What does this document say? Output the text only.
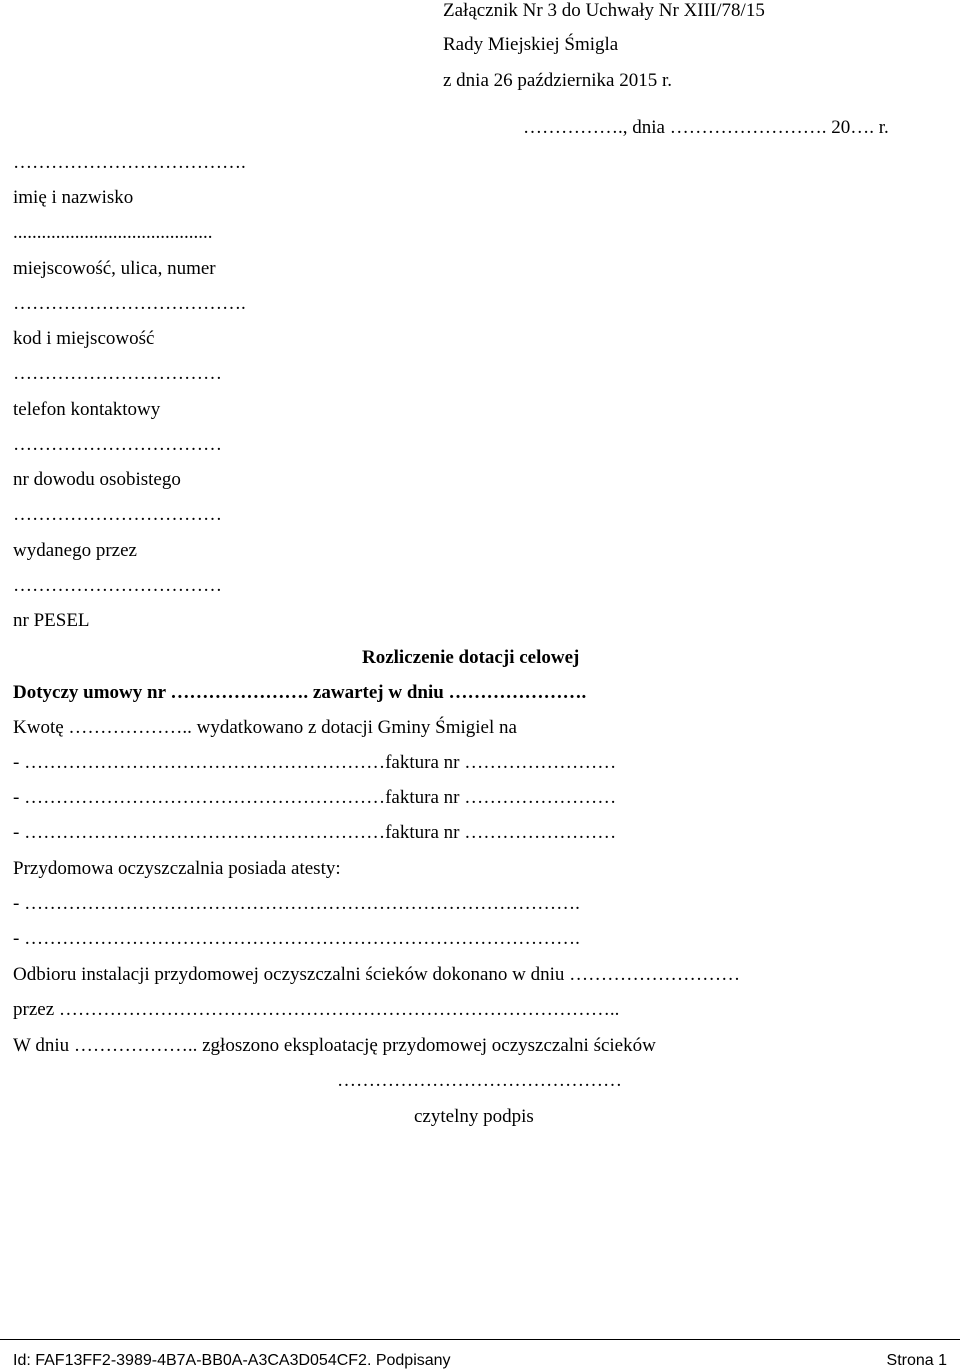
Załącznik Nr 3 do Uchwały Nr XIII/78/15
Rady Miejskiej Śmigla
z dnia 26 października 2015 r.
……………., dnia ……………………. 20…. r.
……………………………….
imię i nazwisko
..........................................
miejscowość, ulica, numer
……………………………….
kod i miejscowość
……………………………
telefon kontaktowy
……………………………
nr dowodu osobistego
……………………………
wydanego przez
……………………………
nr PESEL
Rozliczenie dotacji celowej
Dotyczy umowy nr …………………. zawartej w dniu ………………….
Kwotę ……………….. wydatkowano z dotacji Gminy Śmigiel na
- …………………………………………………faktura nr ……………………
- …………………………………………………faktura nr ……………………
- …………………………………………………faktura nr ……………………
Przydomowa oczyszczalnia posiada atesty:
- …………………………………………………………………………….
- …………………………………………………………………………….
Odbioru instalacji przydomowej oczyszczalni ścieków dokonano w dniu ………………………
przez ……………………………………………………………………………..
W dniu ……………….. zgłoszono eksploatację przydomowej oczyszczalni ścieków
………………………………………
czytelny podpis
Id: FAF13FF2-3989-4B7A-BB0A-A3CA3D054CF2. Podpisany	Strona 1
